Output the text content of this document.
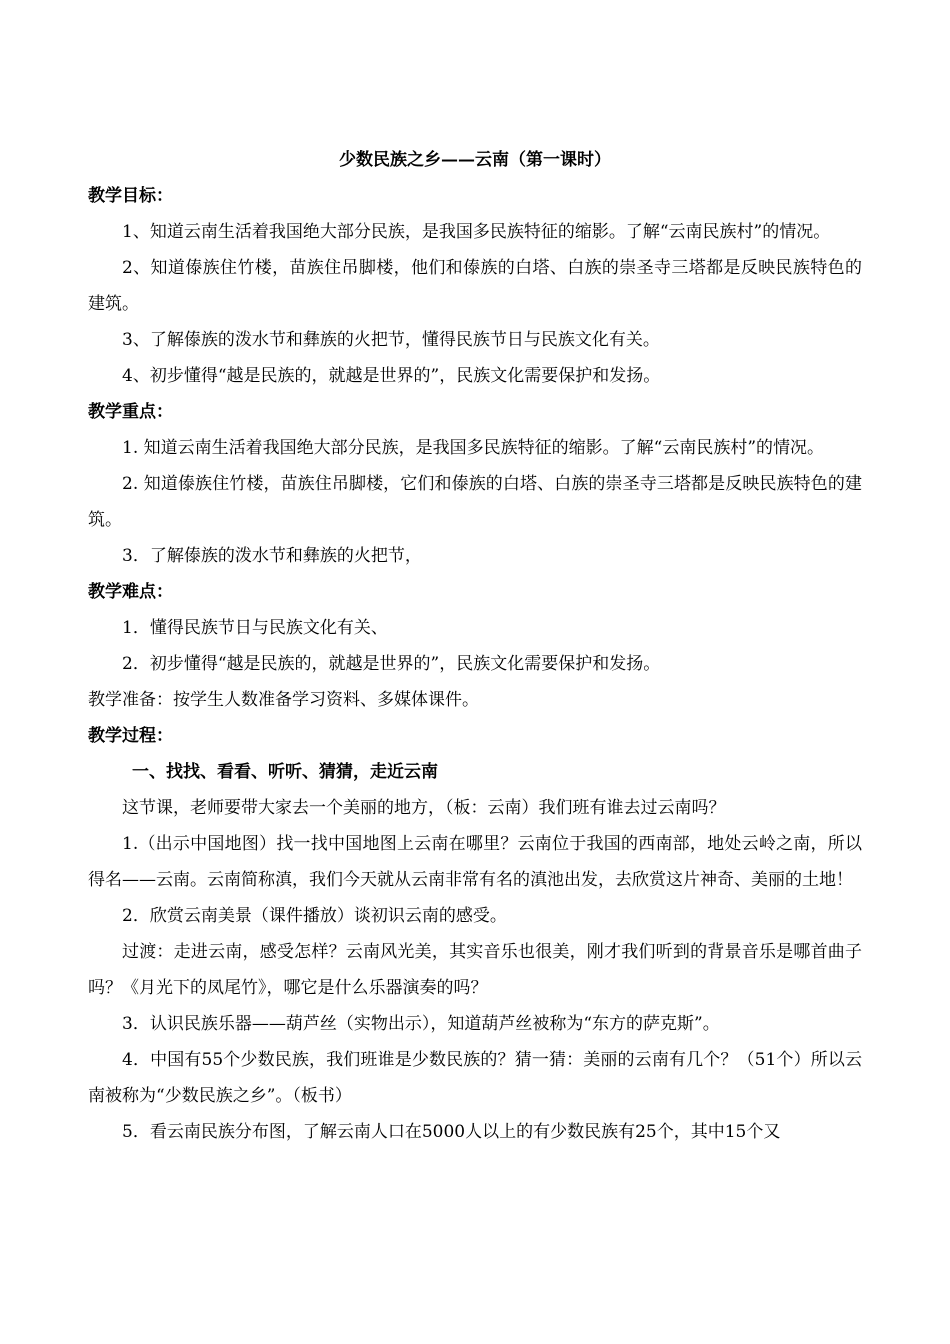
少数民族之乡——云南（第一课时）

教学目标：

1、知道云南生活着我国绝大部分民族，是我国多民族特征的缩影。了解“云南民族村”的情况。

2、知道傣族住竹楼，苗族住吊脚楼，他们和傣族的白塔、白族的崇圣寺三塔都是反映民族特色的建筑。

3、了解傣族的泼水节和彝族的火把节，懂得民族节日与民族文化有关。

4、初步懂得“越是民族的，就越是世界的”，民族文化需要保护和发扬。

教学重点：

1. 知道云南生活着我国绝大部分民族，是我国多民族特征的缩影。了解“云南民族村”的情况。

2. 知道傣族住竹楼，苗族住吊脚楼，它们和傣族的白塔、白族的崇圣寺三塔都是反映民族特色的建筑。

3．了解傣族的泼水节和彝族的火把节，

教学难点：

1．懂得民族节日与民族文化有关、

2．初步懂得“越是民族的，就越是世界的”，民族文化需要保护和发扬。

教学准备：按学生人数准备学习资料、多媒体课件。

教学过程：

一、找找、看看、听听、猜猜，走近云南

这节课，老师要带大家去一个美丽的地方，（板：云南）我们班有谁去过云南吗？

1.（出示中国地图）找一找中国地图上云南在哪里？云南位于我国的西南部，地处云岭之南，所以得名——云南。云南简称滇，我们今天就从云南非常有名的滇池出发，去欣赏这片神奇、美丽的土地！

2．欣赏云南美景（课件播放）谈初识云南的感受。

过渡：走进云南，感受怎样？云南风光美，其实音乐也很美，刚才我们听到的背景音乐是哪首曲子吗？《月光下的凤尾竹》，哪它是什么乐器演奏的吗？

3．认识民族乐器——葫芦丝（实物出示），知道葫芦丝被称为“东方的萨克斯”。

4．中国有55个少数民族，我们班谁是少数民族的？猜一猜：美丽的云南有几个？（51个）所以云南被称为“少数民族之乡”。（板书）

5．看云南民族分布图，了解云南人口在5000人以上的有少数民族有25个，其中15个又
